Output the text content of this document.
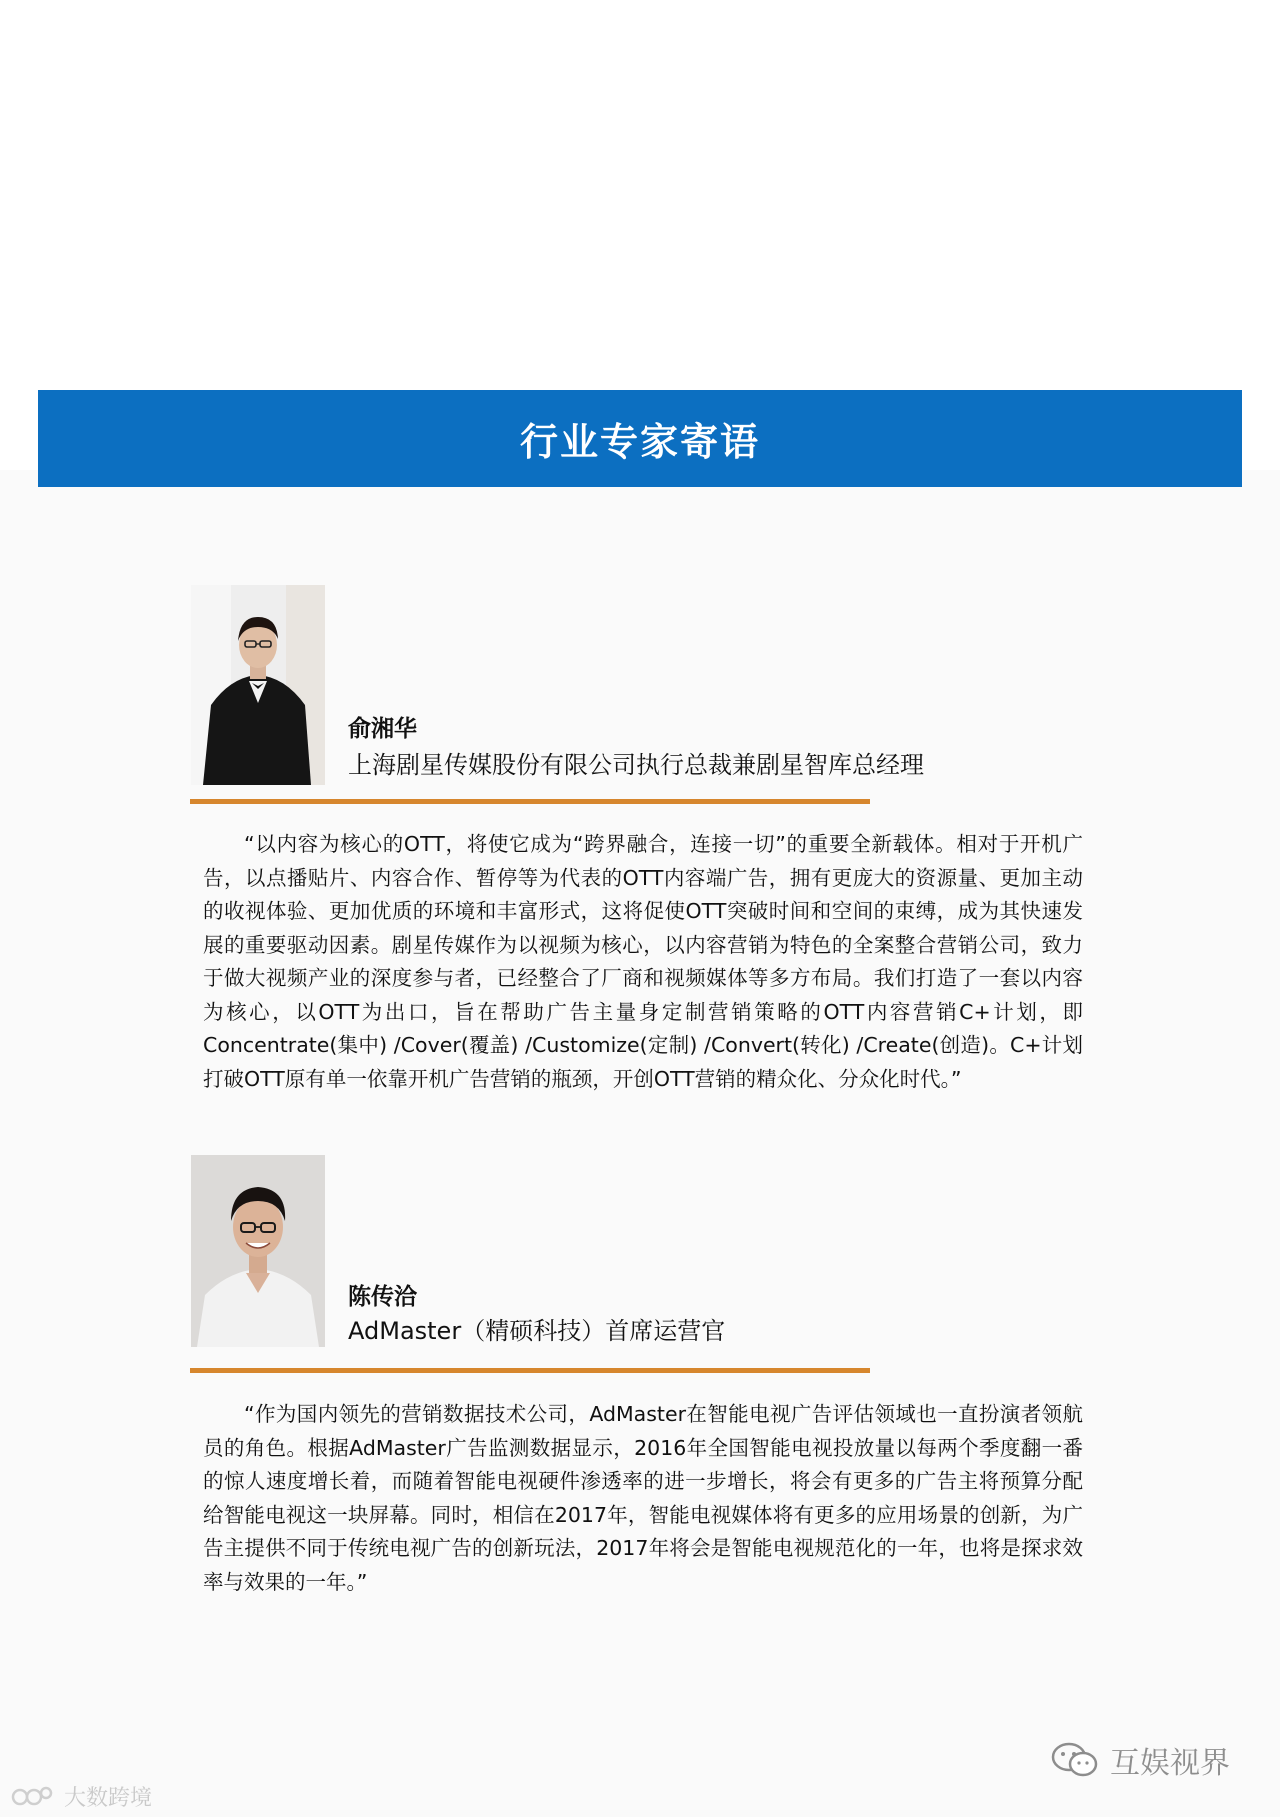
行业专家寄语
俞湘华
上海剧星传媒股份有限公司执行总裁兼剧星智库总经理

“以内容为核心的OTT，将使它成为“跨界融合，连接一切”的重要全新载体。相对于开机广告，以点播贴片、内容合作、暂停等为代表的OTT内容端广告，拥有更庞大的资源量、更加主动的收视体验、更加优质的环境和丰富形式，这将促使OTT突破时间和空间的束缚，成为其快速发展的重要驱动因素。剧星传媒作为以视频为核心，以内容营销为特色的全案整合营销公司，致力于做大视频产业的深度参与者，已经整合了厂商和视频媒体等多方布局。我们打造了一套以内容为核心，以OTT为出口，旨在帮助广告主量身定制营销策略的OTT内容营销C+计划，即Concentrate(集中) /Cover(覆盖) /Customize(定制) /Convert(转化) /Create(创造)。C+计划打破OTT原有单一依靠开机广告营销的瓶颈，开创OTT营销的精众化、分众化时代。”

陈传洽
AdMaster（精硕科技）首席运营官

“作为国内领先的营销数据技术公司，AdMaster在智能电视广告评估领域也一直扮演者领航员的角色。根据AdMaster广告监测数据显示，2016年全国智能电视投放量以每两个季度翻一番的惊人速度增长着，而随着智能电视硬件渗透率的进一步增长，将会有更多的广告主将预算分配给智能电视这一块屏幕。同时，相信在2017年，智能电视媒体将有更多的应用场景的创新，为广告主提供不同于传统电视广告的创新玩法，2017年将会是智能电视规范化的一年，也将是探求效率与效果的一年。”

大数跨境
互娱视界
